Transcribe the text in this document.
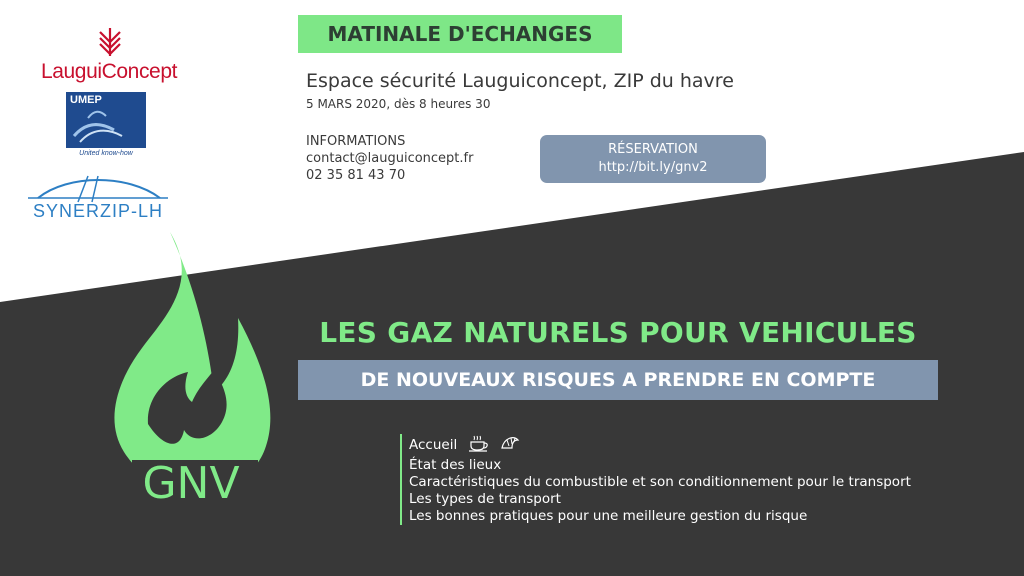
LauguiConcept
UMEP
United know-how
SYNERZIP-LH
MATINALE D'ECHANGES
Espace sécurité Lauguiconcept, ZIP du havre
5 MARS 2020, dès 8 heures 30
INFORMATIONS
contact@lauguiconcept.fr
02 35 81 43 70
RÉSERVATION
http://bit.ly/gnv2
LES GAZ NATURELS POUR VEHICULES
DE NOUVEAUX RISQUES A PRENDRE EN COMPTE
GNV
Accueil
État des lieux
Caractéristiques du combustible et son conditionnement pour le transport
Les types de transport
Les bonnes pratiques pour une meilleure gestion du risque
